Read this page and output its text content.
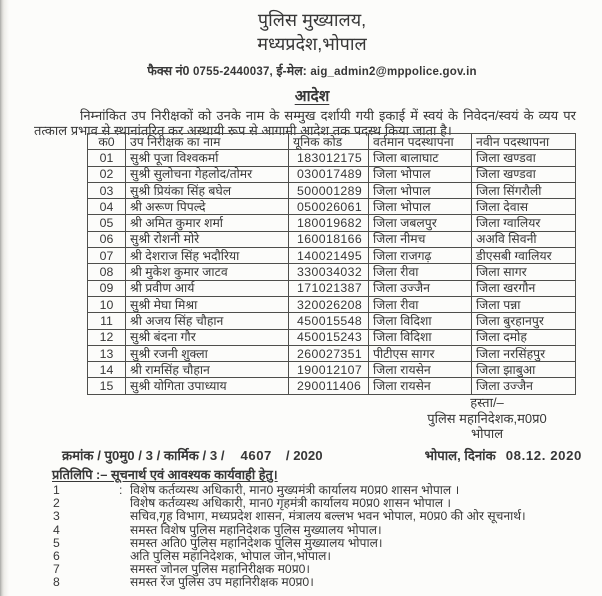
पुलिस मुख्यालय,
मध्यप्रदेश,भोपाल
फैक्स नं0 0755-2440037, ई-मेल: aig_admin2@mppolice.gov.in
आदेश
निम्नांकित उप निरीक्षकों को उनके नाम के सम्मुख दर्शायी गयी इकाई में स्वयं के निवेदन/स्वयं के व्यय पर तत्काल प्रभाव से स्थानांतरित कर अस्थायी रूप से आगामी आदेश तक पदस्थ किया जाता है।
क0	उप निरीक्षक का नाम	यूनिक कोड	वर्तमान पदस्थापना	नवीन पदस्थापना
01	सुश्री पूजा विश्वकर्मा	183012175	जिला बालाघाट	जिला खण्डवा
02	सुश्री सुलोचना गेहलोद/तोमर	030017489	जिला भोपाल	जिला खण्डवा
03	सुश्री प्रियंका सिंह बघेल	500001289	जिला भोपाल	जिला सिंगरौली
04	श्री अरूण पिपल्दे	050026061	जिला भोपाल	जिला देवास
05	श्री अमित कुमार शर्मा	180019682	जिला जबलपुर	जिला ग्वालियर
06	सुश्री रोशनी मोरे	160018166	जिला नीमच	अअवि सिवनी
07	श्री देशराज सिंह भदौरिया	140021495	जिला राजगढ़	डीएसबी ग्वालियर
08	श्री मुकेश कुमार जाटव	330034032	जिला रीवा	जिला सागर
09	श्री प्रवीण आर्य	171021387	जिला उज्जैन	जिला खरगौन
10	सुश्री मेघा मिश्रा	320026208	जिला रीवा	जिला पन्ना
11	श्री अजय सिंह चौहान	450015548	जिला विदिशा	जिला बुरहानपुर
12	सुश्री बंदना गौर	450015243	जिला विदिशा	जिला दमोह
13	सुश्री रजनी शुक्ला	260027351	पीटीएस सागर	जिला नरसिंहपुर
14	श्री रामसिंह चौहान	190012107	जिला रायसेन	जिला झाबुआ
15	सुश्री योगिता उपाध्याय	290011406	जिला रायसेन	जिला उज्जैन
हस्ता/–
पुलिस महानिदेशक,म0प्र0
भोपाल
क्रमांक / पु0मु0 / 3 / कार्मिक / 3 / 4607 / 2020	भोपाल, दिनांक 08.12. 2020
प्रतिलिपि :– सूचनार्थ एवं आवश्यक कार्यवाही हेतु।
1	: विशेष कर्तव्यस्थ अधिकारी, मान0 मुख्यमंत्री कार्यालय म0प्र0 शासन भोपाल ।
2	विशेष कर्तव्यस्थ अधिकारी, मान0 गृहमंत्री कार्यालय म0प्र0 शासन भोपाल ।
3	सचिव,गृह विभाग, मध्यप्रदेश शासन, मंत्रालय बल्लभ भवन भोपाल, म0प्र0 की ओर सूचनार्थ।
4	समस्त विशेष पुलिस महानिदेशक पुलिस मुख्यालय भोपाल।
5	समस्त अति0 पुलिस महानिदेशक पुलिस मुख्यालय भोपाल।
6	अति पुलिस महानिदेशक, भोपाल जोन,भोपाल।
7	समस्त जोनल पुलिस महानिरीक्षक म0प्र0।
8	समस्त रेंज पुलिस उप महानिरीक्षक म0प्र0।
